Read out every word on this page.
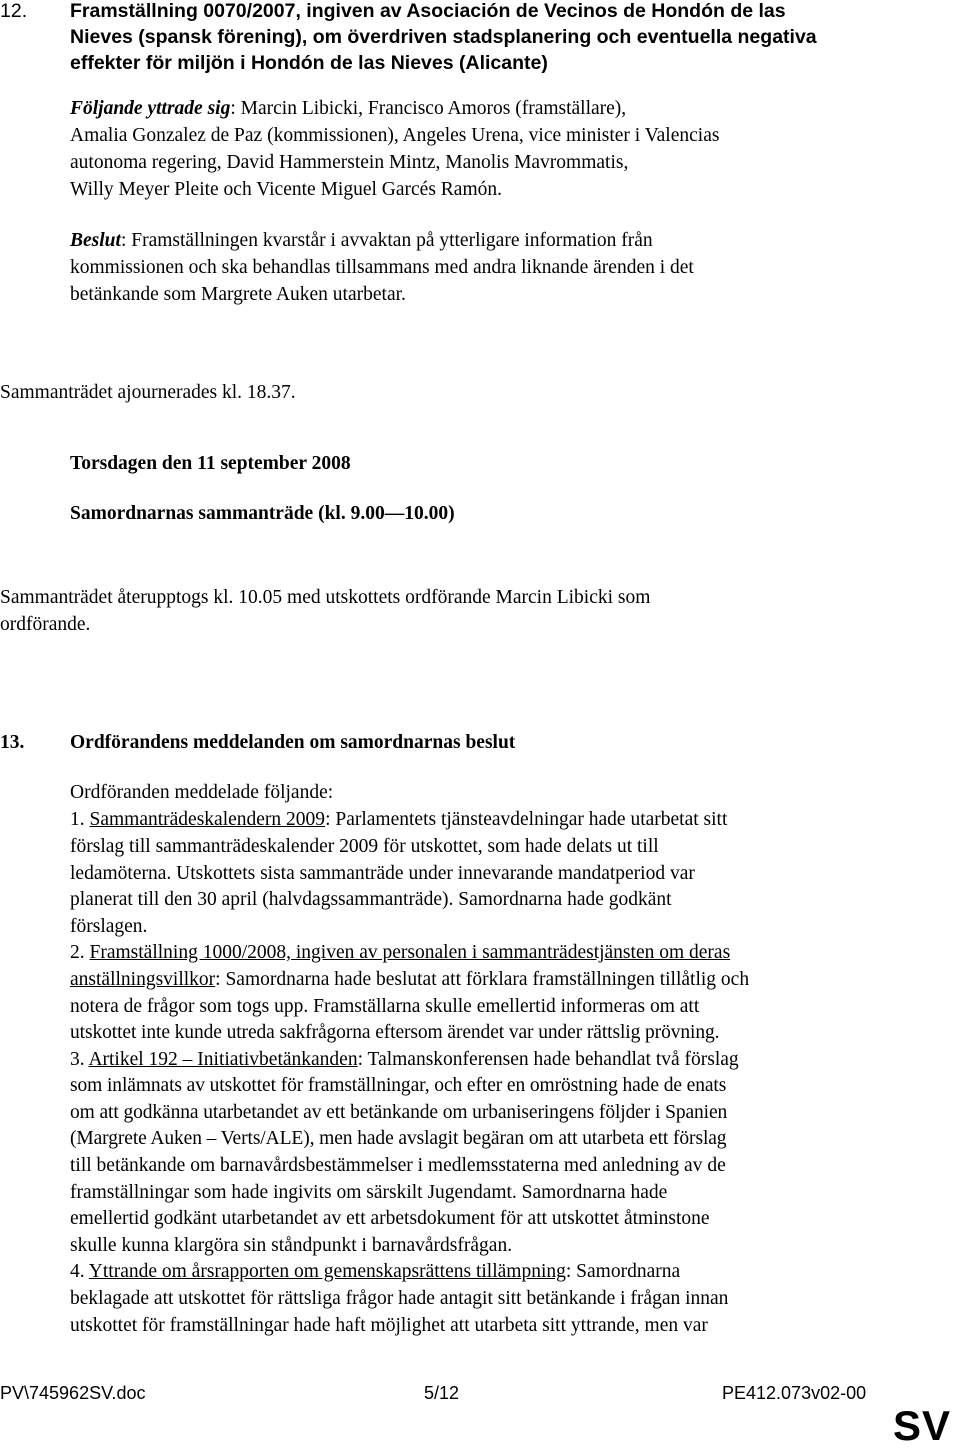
12. Framställning 0070/2007, ingiven av Asociación de Vecinos de Hondón de las
Nieves (spansk förening), om överdriven stadsplanering och eventuella negativa
effekter för miljön i Hondón de las Nieves (Alicante)
Följande yttrade sig: Marcin Libicki, Francisco Amoros (framställare),
Amalia Gonzalez de Paz (kommissionen), Angeles Urena, vice minister i Valencias
autonoma regering, David Hammerstein Mintz, Manolis Mavrommatis,
Willy Meyer Pleite och Vicente Miguel Garcés Ramón.
Beslut: Framställningen kvarstår i avvaktan på ytterligare information från
kommissionen och ska behandlas tillsammans med andra liknande ärenden i det
betänkande som Margrete Auken utarbetar.
Sammanträdet ajournerades kl. 18.37.
Torsdagen den 11 september 2008
Samordnarnas sammanträde (kl. 9.00—10.00)
Sammanträdet återupptogs kl. 10.05 med utskottets ordförande Marcin Libicki som
ordförande.
13. Ordförandens meddelanden om samordnarnas beslut
Ordföranden meddelade följande:
1. Sammanträdeskalendern 2009: Parlamentets tjänsteavdelningar hade utarbetat sitt
förslag till sammanträdeskalender 2009 för utskottet, som hade delats ut till
ledamöterna. Utskottets sista sammanträde under innevarande mandatperiod var
planerat till den 30 april (halvdagssammanträde). Samordnarna hade godkänt
förslagen.
2. Framställning 1000/2008, ingiven av personalen i sammanträdestjänsten om deras
anställningsvillkor: Samordnarna hade beslutat att förklara framställningen tillåtlig och
notera de frågor som togs upp. Framställarna skulle emellertid informeras om att
utskottet inte kunde utreda sakfrågorna eftersom ärendet var under rättslig prövning.
3. Artikel 192 – Initiativbetänkanden: Talmanskonferensen hade behandlat två förslag
som inlämnats av utskottet för framställningar, och efter en omröstning hade de enats
om att godkänna utarbetandet av ett betänkande om urbaniseringens följder i Spanien
(Margrete Auken – Verts/ALE), men hade avslagit begäran om att utarbeta ett förslag
till betänkande om barnavårdsbestämmelser i medlemsstaterna med anledning av de
framställningar som hade ingivits om särskilt Jugendamt. Samordnarna hade
emellertid godkänt utarbetandet av ett arbetsdokument för att utskottet åtminstone
skulle kunna klargöra sin ståndpunkt i barnavårdsfrågan.
4. Yttrande om årsrapporten om gemenskapsrättens tillämpning: Samordnarna
beklagade att utskottet för rättsliga frågor hade antagit sitt betänkande i frågan innan
utskottet för framställningar hade haft möjlighet att utarbeta sitt yttrande, men var
PV\745962SV.doc	5/12	PE412.073v02-00
SV
